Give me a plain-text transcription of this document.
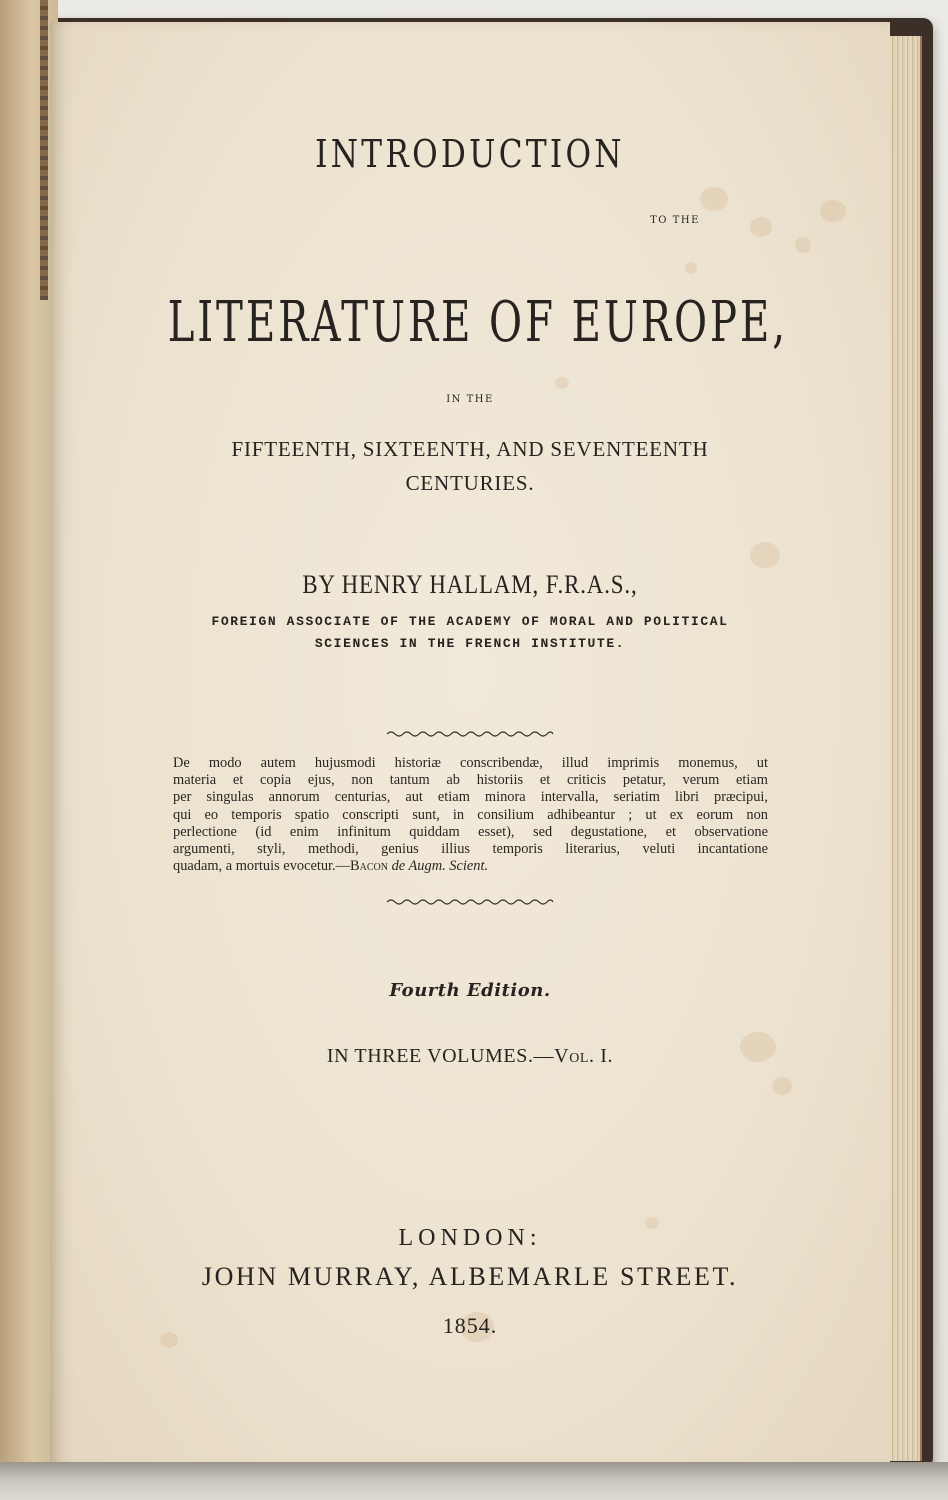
INTRODUCTION
TO THE
LITERATURE OF EUROPE,
IN THE
FIFTEENTH, SIXTEENTH, AND SEVENTEENTH
CENTURIES.
BY HENRY HALLAM, F.R.A.S.,
FOREIGN ASSOCIATE OF THE ACADEMY OF MORAL AND POLITICAL
SCIENCES IN THE FRENCH INSTITUTE.
De modo autem hujusmodi historiæ conscribendæ, illud imprimis monemus, ut
materia et copia ejus, non tantum ab historiis et criticis petatur, verum etiam
per singulas annorum centurias, aut etiam minora intervalla, seriatim libri præcipui,
qui eo temporis spatio conscripti sunt, in consilium adhibeantur ; ut ex eorum non
perlectione (id enim infinitum quiddam esset), sed degustatione, et observatione
argumenti, styli, methodi, genius illius temporis literarius, veluti incantatione
quadam, a mortuis evocetur.—Bacon de Augm. Scient.
Fourth Edition.
IN THREE VOLUMES.—Vol. I.
LONDON:
JOHN MURRAY, ALBEMARLE STREET.
1854.
